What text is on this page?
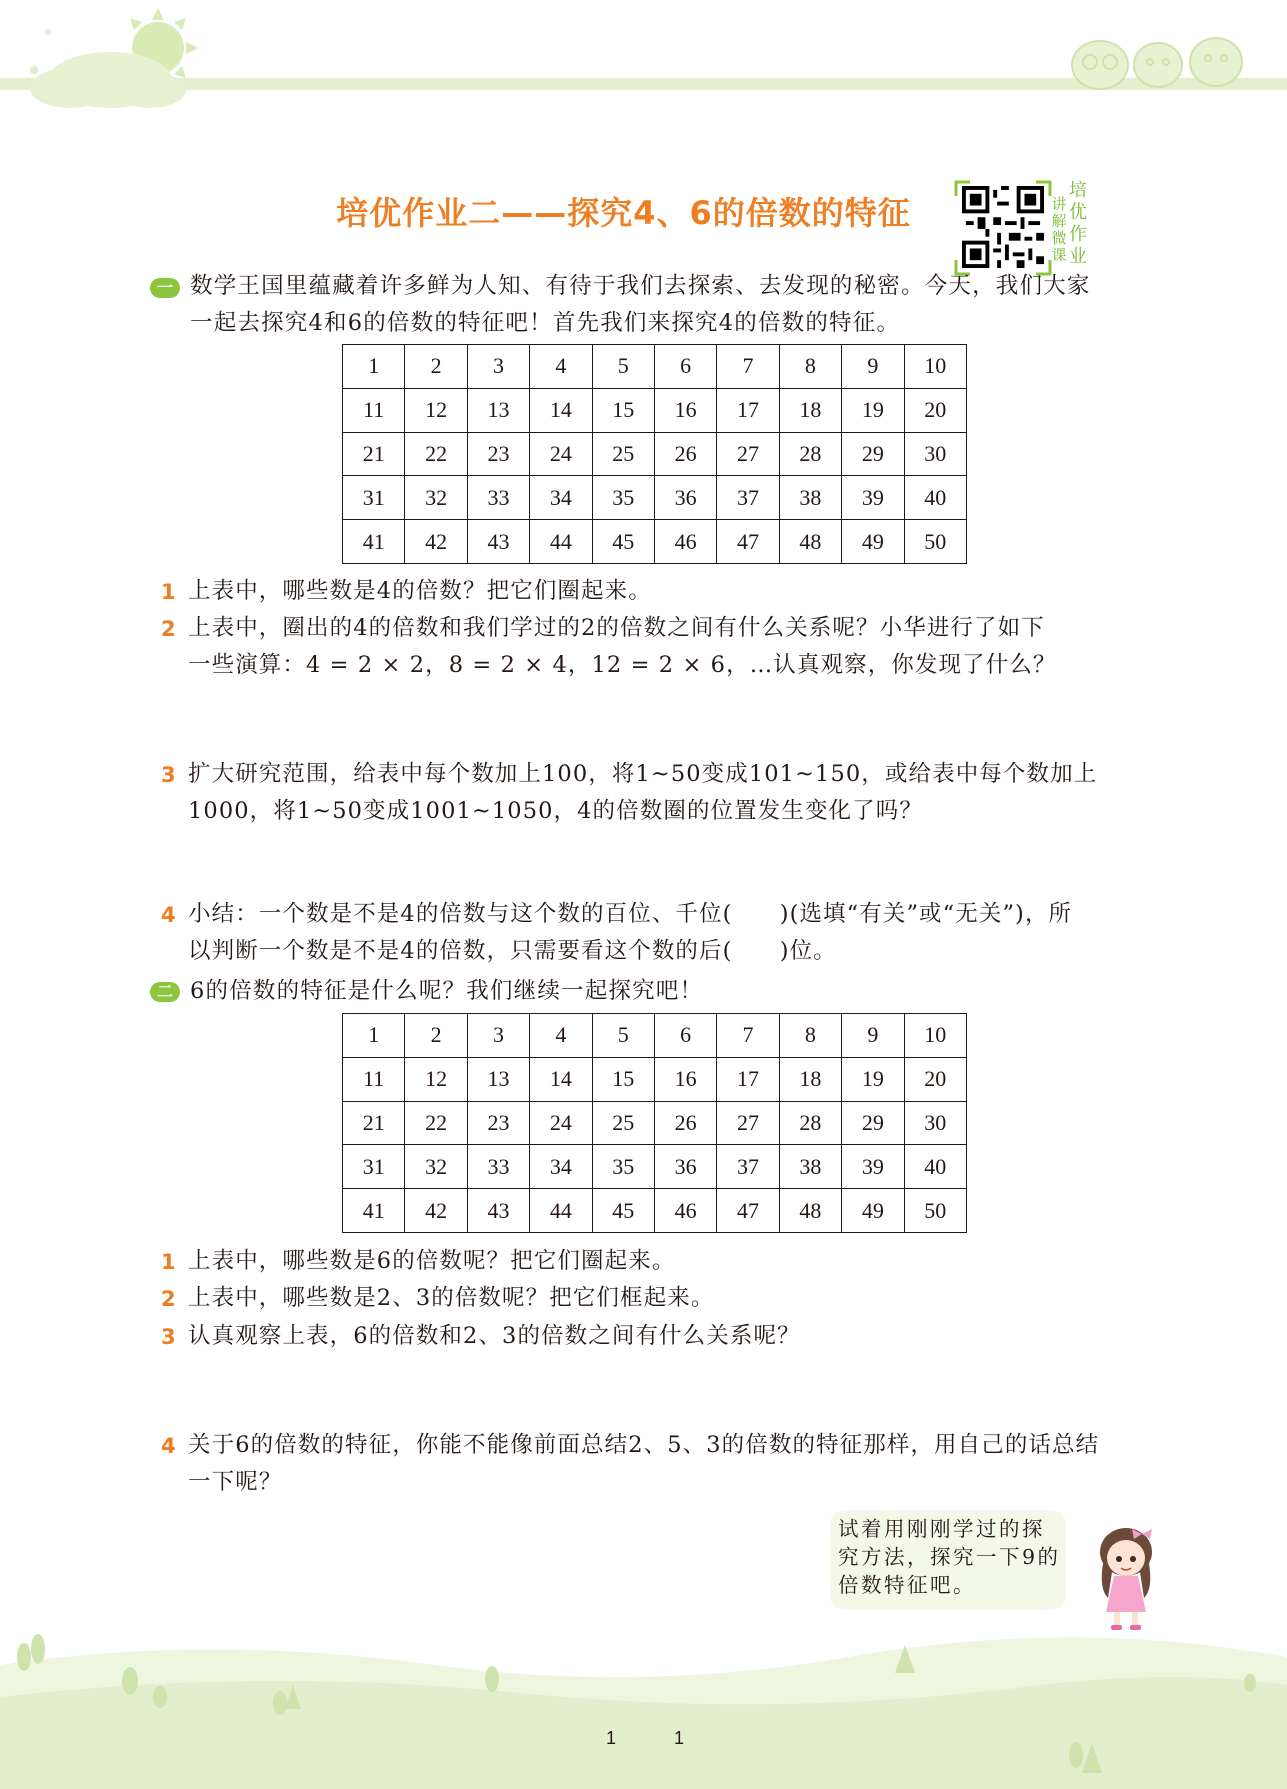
培优作业二——探究4、6的倍数的特征	讲解微课
培优作业
一 数学王国里蕴藏着许多鲜为人知、有待于我们去探索、去发现的秘密。今天，我们大家
一起去探究4和6的倍数的特征吧！首先我们来探究4的倍数的特征。
1	2	3	4	5	6	7	8	9	10
11	12	13	14	15	16	17	18	19	20
21	22	23	24	25	26	27	28	29	30
31	32	33	34	35	36	37	38	39	40
41	42	43	44	45	46	47	48	49	50
1 上表中，哪些数是4的倍数？把它们圈起来。
2 上表中，圈出的4的倍数和我们学过的2的倍数之间有什么关系呢？小华进行了如下
一些演算：4 = 2 × 2，8 = 2 × 4，12 = 2 × 6，…认真观察，你发现了什么？
3 扩大研究范围，给表中每个数加上100，将1~50变成101~150，或给表中每个数加上
1000，将1~50变成1001~1050，4的倍数圈的位置发生变化了吗？
4 小结：一个数是不是4的倍数与这个数的百位、千位(　　)(选填“有关”或“无关”)，所
以判断一个数是不是4的倍数，只需要看这个数的后(　　)位。
二 6的倍数的特征是什么呢？我们继续一起探究吧！
1	2	3	4	5	6	7	8	9	10
11	12	13	14	15	16	17	18	19	20
21	22	23	24	25	26	27	28	29	30
31	32	33	34	35	36	37	38	39	40
41	42	43	44	45	46	47	48	49	50
1 上表中，哪些数是6的倍数呢？把它们圈起来。
2 上表中，哪些数是2、3的倍数呢？把它们框起来。
3 认真观察上表，6的倍数和2、3的倍数之间有什么关系呢？
4 关于6的倍数的特征，你能不能像前面总结2、5、3的倍数的特征那样，用自己的话总结
一下呢？
试着用刚刚学过的探
究方法，探究一下9的
倍数特征吧。
1	1
